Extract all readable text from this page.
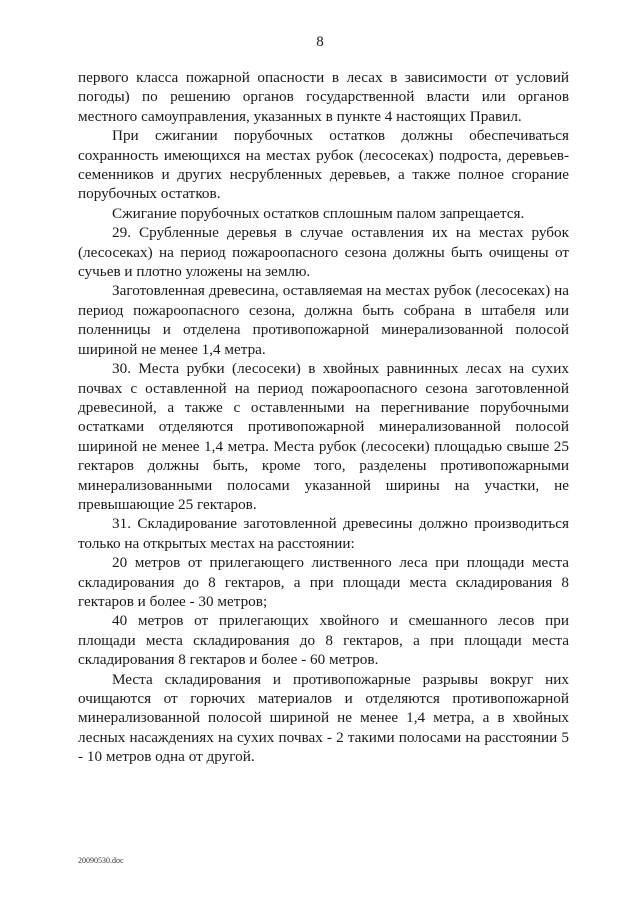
8

первого класса пожарной опасности в лесах в зависимости от условий погоды) по решению органов государственной власти или органов местного самоуправления, указанных в пункте 4 настоящих Правил.

При сжигании порубочных остатков должны обеспечиваться сохранность имеющихся на местах рубок (лесосеках) подроста, деревьев-семенников и других несрубленных деревьев, а также полное сгорание порубочных остатков.

Сжигание порубочных остатков сплошным палом запрещается.

29. Срубленные деревья в случае оставления их на местах рубок (лесосеках) на период пожароопасного сезона должны быть очищены от сучьев и плотно уложены на землю.

Заготовленная древесина, оставляемая на местах рубок (лесосеках) на период пожароопасного сезона, должна быть собрана в штабеля или поленницы и отделена противопожарной минерализованной полосой шириной не менее 1,4 метра.

30. Места рубки (лесосеки) в хвойных равнинных лесах на сухих почвах с оставленной на период пожароопасного сезона заготовленной древесиной, а также с оставленными на перегнивание порубочными остатками отделяются противопожарной минерализованной полосой шириной не менее 1,4 метра. Места рубок (лесосеки) площадью свыше 25 гектаров должны быть, кроме того, разделены противопожарными минерализованными полосами указанной ширины на участки, не превышающие 25 гектаров.

31. Складирование заготовленной древесины должно производиться только на открытых местах на расстоянии:

20 метров от прилегающего лиственного леса при площади места складирования до 8 гектаров, а при площади места складирования 8 гектаров и более - 30 метров;

40 метров от прилегающих хвойного и смешанного лесов при площади места складирования до 8 гектаров, а при площади места складирования 8 гектаров и более - 60 метров.

Места складирования и противопожарные разрывы вокруг них очищаются от горючих материалов и отделяются противопожарной минерализованной полосой шириной не менее 1,4 метра, а в хвойных лесных насаждениях на сухих почвах - 2 такими полосами на расстоянии 5 - 10 метров одна от другой.

20090530.doc
